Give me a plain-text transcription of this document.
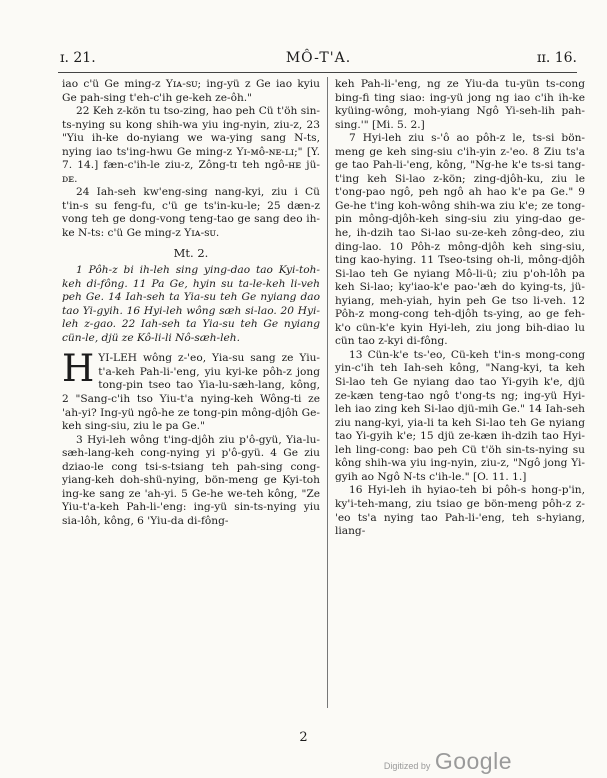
ɪ. 21.	MÔ-T'A.	ɪɪ. 16.

iao c'ü Ge ming-z Yɪᴀ-sᴜ; ing-yü z Ge iao kyiu Ge pah-sing t'eh-c'ih ge-keh ze-ôh."

22 Keh z-kön tu tso-zing, hao peh Cü t'öh sin-ts-nying su kong shih-wa yiu ing-nyin, ziu-z, 23 "Yiu ih-ke do-nyiang we wa-ying sang N-ts, nying iao ts'ing-hwu Ge ming-z Yɪ-ᴍô-ɴᴇ-ʟɪ;" [Y. 7. 14.] fæn-c'ih-le ziu-z, Zông-tɪ teh ngô-ʜᴇ jü-ᴅᴇ.

24 Iah-seh kw'eng-sing nang-kyi, ziu i Cü t'in-s su feng-fu, c'ü ge ts'in-ku-le; 25 dæn-z vong teh ge dong-vong teng-tao ge sang deo ih-ke N-ts: c'ü Ge ming-z Yɪᴀ-sᴜ.

Mt. 2.

1 Pôh-z bi ih-leh sing ying-dao tao Kyi-toh-keh di-fông. 11 Pa Ge, hyin su ta-le-keh li-veh peh Ge. 14 Iah-seh ta Yia-su teh Ge nyiang dao tao Yi-gyih. 16 Hyi-leh wông sæh si-lao. 20 Hyi-leh z-gao. 22 Iah-seh ta Yia-su teh Ge nyiang cün-le, djü ze Kô-li-li Nô-sæh-leh.

HYI-LEH wông z-'eo, Yia-su sang ze Yiu-t'a-keh Pah-li-'eng, yiu kyi-ke pôh-z jong tong-pin tseo tao Yia-lu-sæh-lang, kông, 2 "Sang-c'ih tso Yiu-t'a nying-keh Wông-ti ze 'ah-yi? Ing-yü ngô-he ze tong-pin mông-djôh Ge-keh sing-siu, ziu le pa Ge."

3 Hyi-leh wông t'ing-djôh ziu p'ô-gyü, Yia-lu-sæh-lang-keh cong-nying yi p'ô-gyü. 4 Ge ziu dziao-le cong tsi-s-tsiang teh pah-sing cong-yiang-keh doh-shü-nying, bön-meng ge Kyi-toh ing-ke sang ze 'ah-yi. 5 Ge-he we-teh kông, "Ze Yiu-t'a-keh Pah-li-'eng: ing-yü sin-ts-nying yiu sia-lôh, kông, 6 'Yiu-da di-fông-

keh Pah-li-'eng, ng ze Yiu-da tu-yün ts-cong bing-fi ting siao: ing-yü jong ng iao c'ih ih-ke kyüing-wông, moh-yiang Ngô Yi-seh-lih pah-sing.'" [Mi. 5. 2.]

7 Hyi-leh ziu s-'ô ao pôh-z le, ts-si bön-meng ge keh sing-siu c'ih-yin z-'eo. 8 Ziu ts'a ge tao Pah-li-'eng, kông, "Ng-he k'e ts-si tang-t'ing keh Si-lao z-kön; zing-djôh-ku, ziu le t'ong-pao ngô, peh ngô ah hao k'e pa Ge." 9 Ge-he t'ing koh-wông shih-wa ziu k'e; ze tong-pin mông-djôh-keh sing-siu ziu ying-dao ge-he, ih-dzih tao Si-lao su-ze-keh zông-deo, ziu ding-lao. 10 Pôh-z mông-djôh keh sing-siu, ting kao-hying. 11 Tseo-tsing oh-li, mông-djôh Si-lao teh Ge nyiang Mô-li-ü; ziu p'oh-lôh pa keh Si-lao; ky'iao-k'e pao-'æh do kying-ts, jü-hyiang, meh-yiah, hyin peh Ge tso li-veh. 12 Pôh-z mong-cong teh-djôh ts-ying, ao ge feh-k'o cün-k'e kyin Hyi-leh, ziu jong bih-diao lu cün tao z-kyi di-fông.

13 Cün-k'e ts-'eo, Cü-keh t'in-s mong-cong yin-c'ih teh Iah-seh kông, "Nang-kyi, ta keh Si-lao teh Ge nyiang dao tao Yi-gyih k'e, djü ze-kæn teng-tao ngô t'ong-ts ng; ing-yü Hyi-leh iao zing keh Si-lao djü-mih Ge." 14 Iah-seh ziu nang-kyi, yia-li ta keh Si-lao teh Ge nyiang tao Yi-gyih k'e; 15 djü ze-kæn ih-dzih tao Hyi-leh ling-cong: bao peh Cü t'öh sin-ts-nying su kông shih-wa yiu ing-nyin, ziu-z, "Ngô jong Yi-gyih ao Ngô N-ts c'ih-le." [O. 11. 1.]

16 Hyi-leh ih hyiao-teh bi pôh-s hong-p'in, ky'i-teh-mang, ziu tsiao ge bön-meng pôh-z z-'eo ts'a nying tao Pah-li-'eng, teh s-hyiang, liang-

2
Digitized by Google
